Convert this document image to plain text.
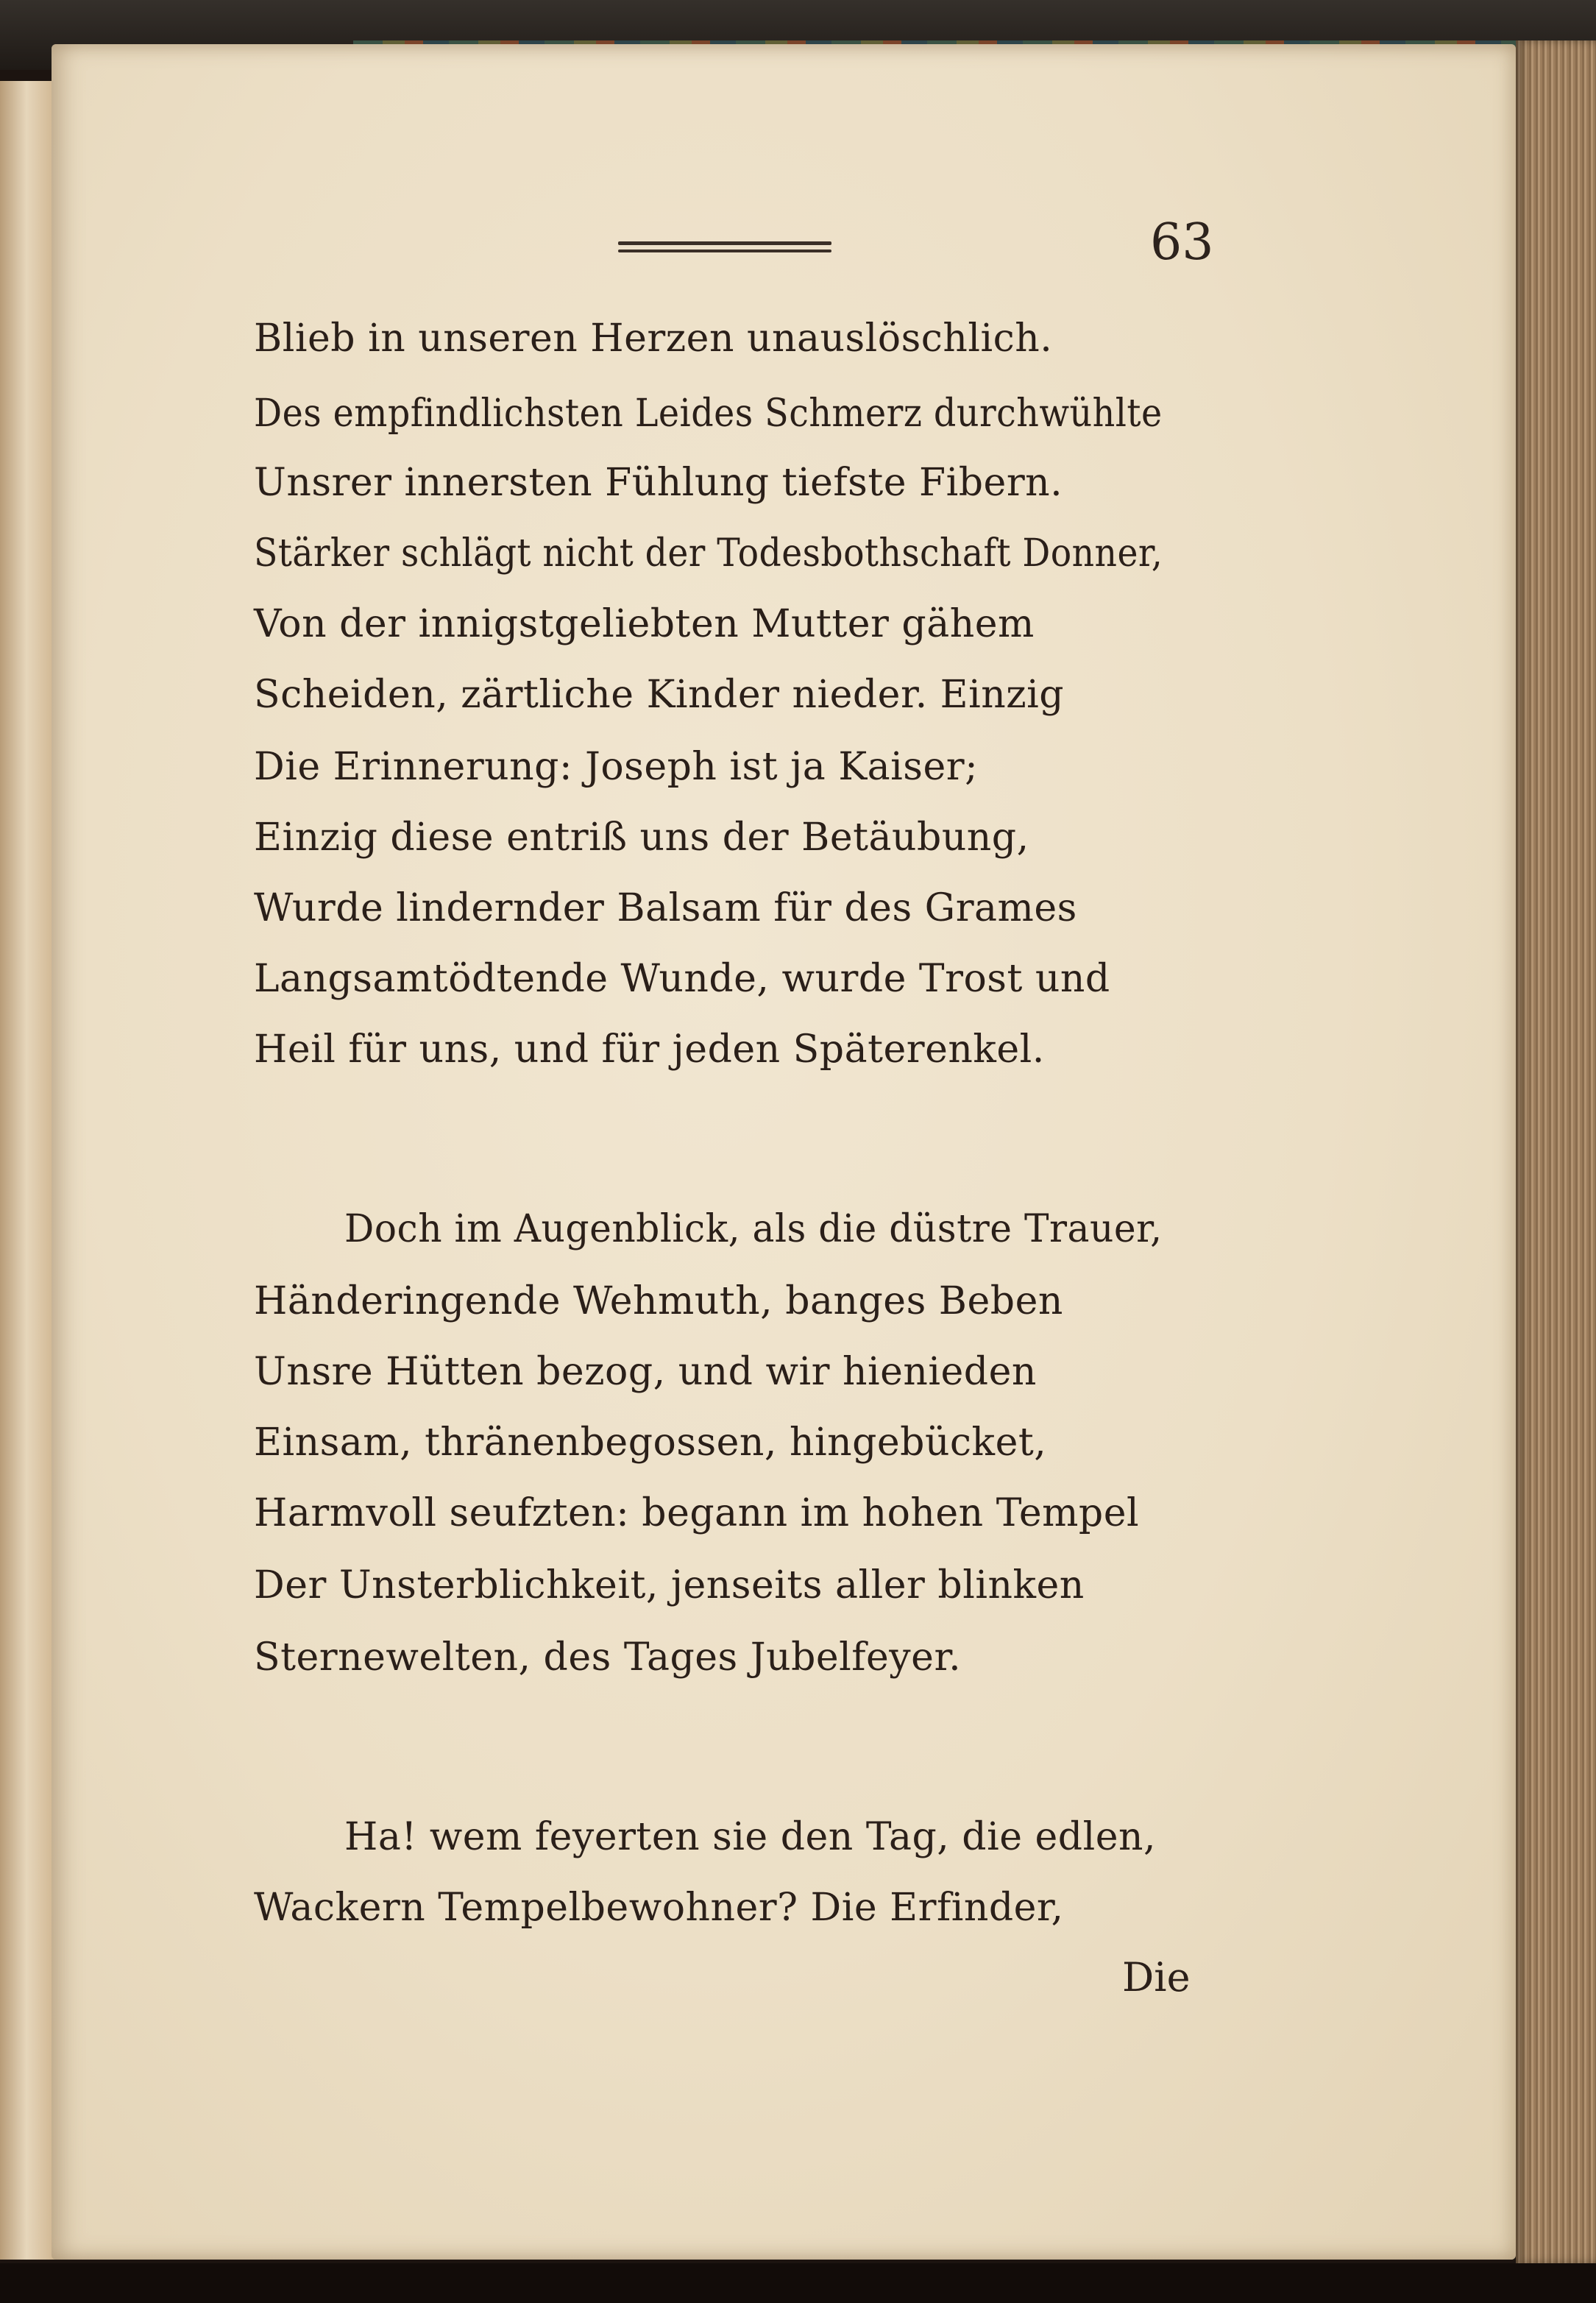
63
Blieb in unseren Herzen unauslöschlich.
Des empfindlichsten Leides Schmerz durchwühlte
Unsrer innersten Fühlung tiefste Fibern.
Stärker schlägt nicht der Todesbothschaft Donner,
Von der innigstgeliebten Mutter gähem
Scheiden, zärtliche Kinder nieder. Einzig
Die Erinnerung: Joseph ist ja Kaiser;
Einzig diese entriß uns der Betäubung,
Wurde lindernder Balsam für des Grames
Langsamtödtende Wunde, wurde Trost und
Heil für uns, und für jeden Späterenkel.
Doch im Augenblick, als die düstre Trauer,
Händeringende Wehmuth, banges Beben
Unsre Hütten bezog, und wir hienieden
Einsam, thränenbegossen, hingebücket,
Harmvoll seufzten: begann im hohen Tempel
Der Unsterblichkeit, jenseits aller blinken
Sternewelten, des Tages Jubelfeyer.
Ha! wem feyerten sie den Tag, die edlen,
Wackern Tempelbewohner? Die Erfinder,
Die
